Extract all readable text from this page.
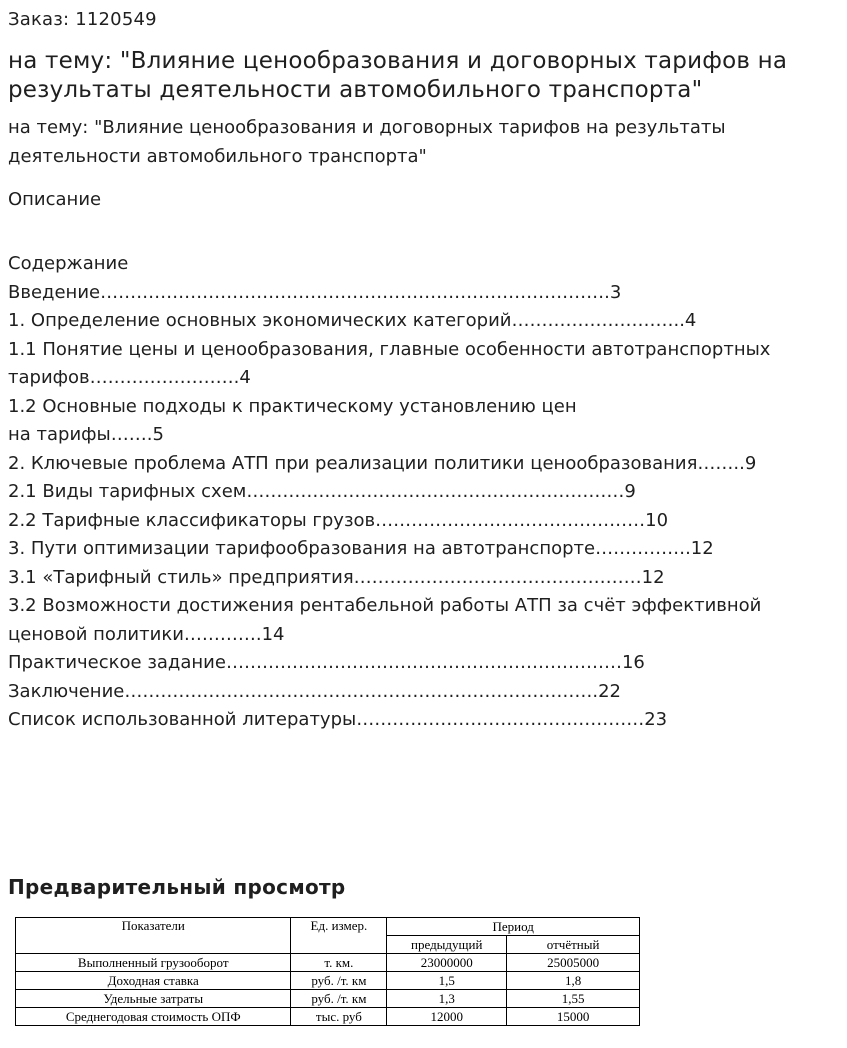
Заказ: 1120549
на тему: "Влияние ценообразования и договорных тарифов на результаты деятельности автомобильного транспорта"
на тему: "Влияние ценообразования и договорных тарифов на результаты деятельности автомобильного транспорта"
Описание
Содержание
Введение………………………………………………………………………….3
1. Определение основных экономических категорий………………………..4
1.1 Понятие цены и ценообразования, главные особенности автотранспортных тарифов…………………….4
1.2 Основные подходы к практическому установлению цен
на тарифы…….5
2. Ключевые проблема АТП при реализации политики ценообразования……..9
2.1 Виды тарифных схем………………………………………………………9
2.2 Тарифные классификаторы грузов………………………………………10
3. Пути оптимизации тарифообразования на автотранспорте…………….12
3.1 «Тарифный стиль» предприятия…………………………………………12
3.2 Возможности достижения рентабельной работы АТП за счёт эффективной ценовой политики………….14
Практическое задание…………………………………………………………16
Заключение…………………………………………………………………….22
Список использованной литературы…………………………………………23
Предварительный просмотр
Показатели	Ед. измер.	Период	
		предыдущий	отчётный
Выполненный грузооборот	т. км.	23000000	25005000
Доходная ставка	руб. /т. км	1,5	1,8
Удельные затраты	руб. /т. км	1,3	1,55
Среднегодовая стоимость ОПФ	тыс. руб	12000	15000
